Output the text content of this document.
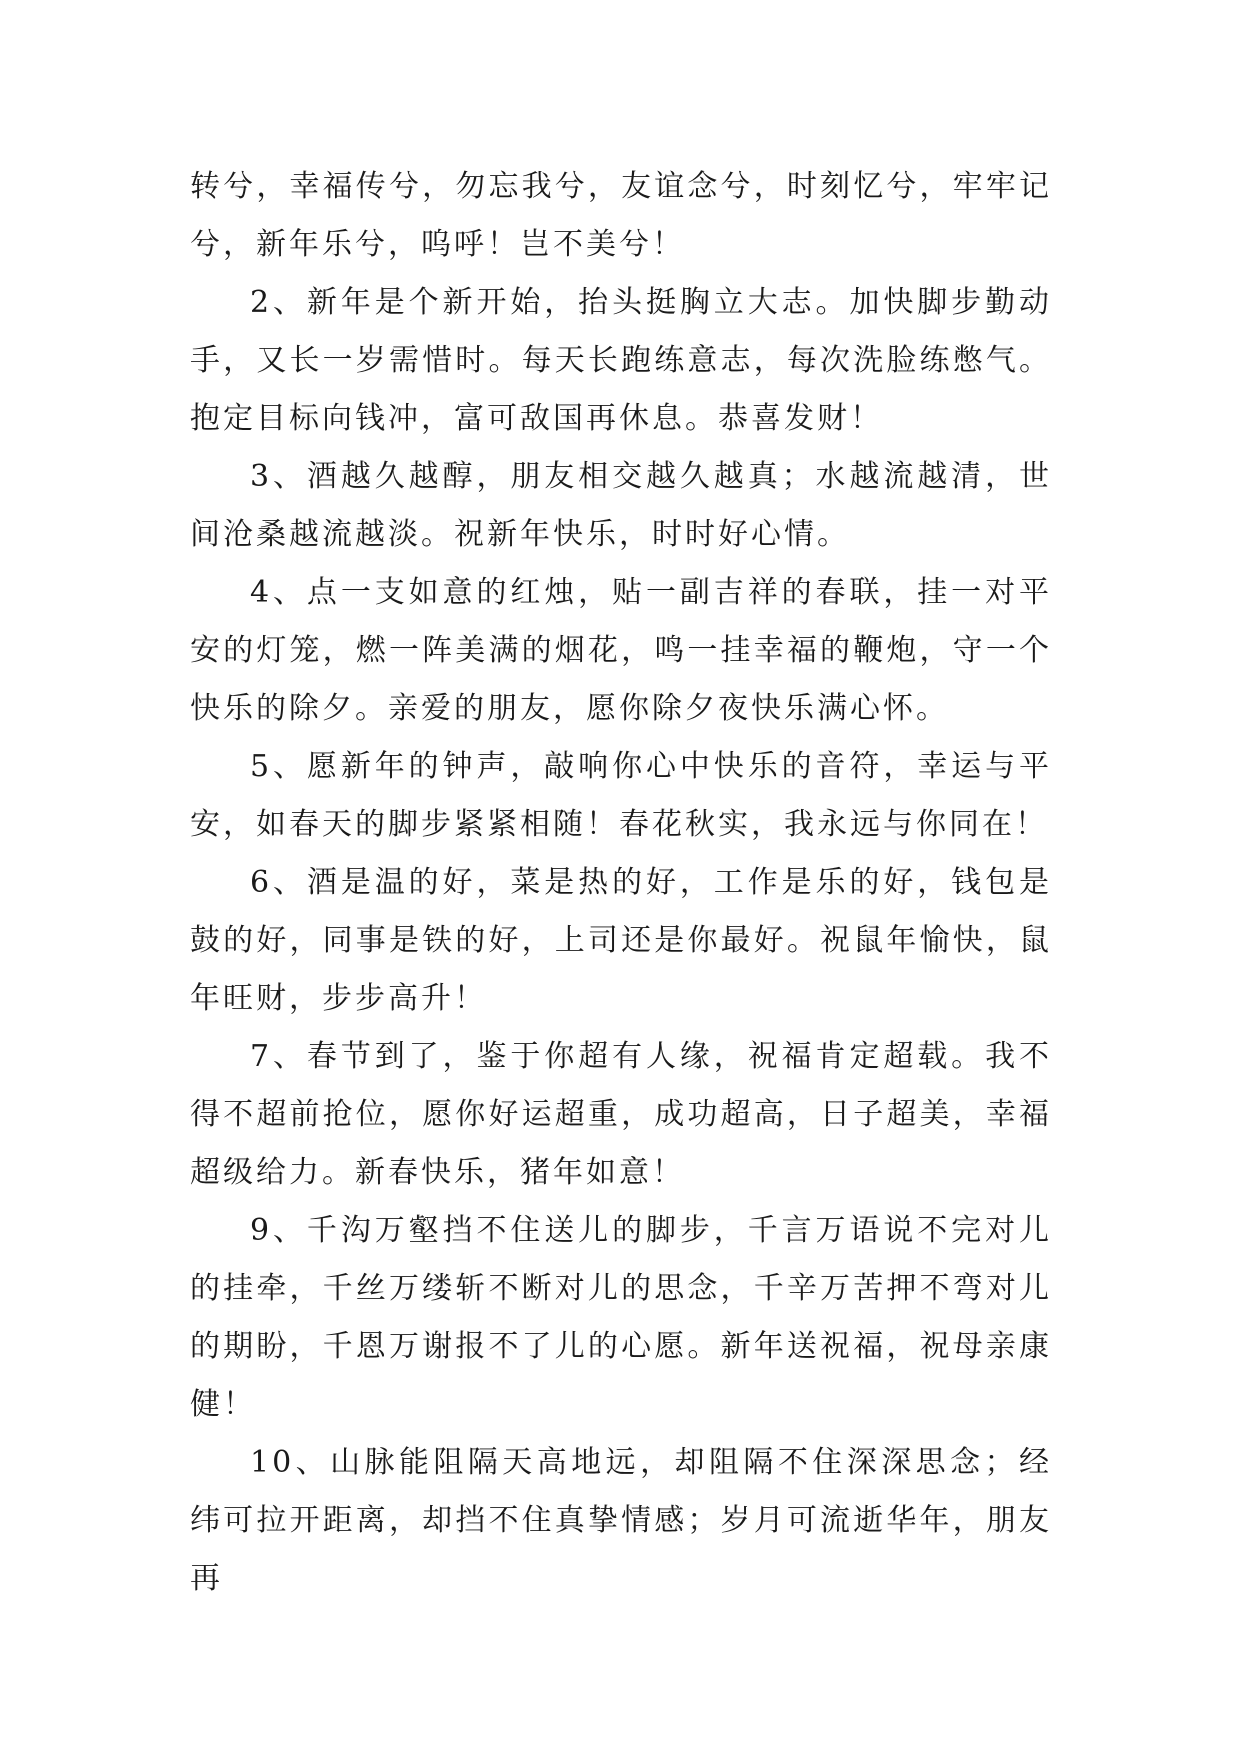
转兮，幸福传兮，勿忘我兮，友谊念兮，时刻忆兮，牢牢记兮，新年乐兮，呜呼！岂不美兮！

2、新年是个新开始，抬头挺胸立大志。加快脚步勤动手，又长一岁需惜时。每天长跑练意志，每次洗脸练憋气。抱定目标向钱冲，富可敌国再休息。恭喜发财！

3、酒越久越醇，朋友相交越久越真；水越流越清，世间沧桑越流越淡。祝新年快乐，时时好心情。

4、点一支如意的红烛，贴一副吉祥的春联，挂一对平安的灯笼，燃一阵美满的烟花，鸣一挂幸福的鞭炮，守一个快乐的除夕。亲爱的朋友，愿你除夕夜快乐满心怀。

5、愿新年的钟声，敲响你心中快乐的音符，幸运与平安，如春天的脚步紧紧相随！春花秋实，我永远与你同在！

6、酒是温的好，菜是热的好，工作是乐的好，钱包是鼓的好，同事是铁的好，上司还是你最好。祝鼠年愉快，鼠年旺财，步步高升！

7、春节到了，鉴于你超有人缘，祝福肯定超载。我不得不超前抢位，愿你好运超重，成功超高，日子超美，幸福超级给力。新春快乐，猪年如意！

9、千沟万壑挡不住送儿的脚步，千言万语说不完对儿的挂牵，千丝万缕斩不断对儿的思念，千辛万苦押不弯对儿的期盼，千恩万谢报不了儿的心愿。新年送祝福，祝母亲康健！

10、山脉能阻隔天高地远，却阻隔不住深深思念；经纬可拉开距离，却挡不住真挚情感；岁月可流逝华年，朋友再
